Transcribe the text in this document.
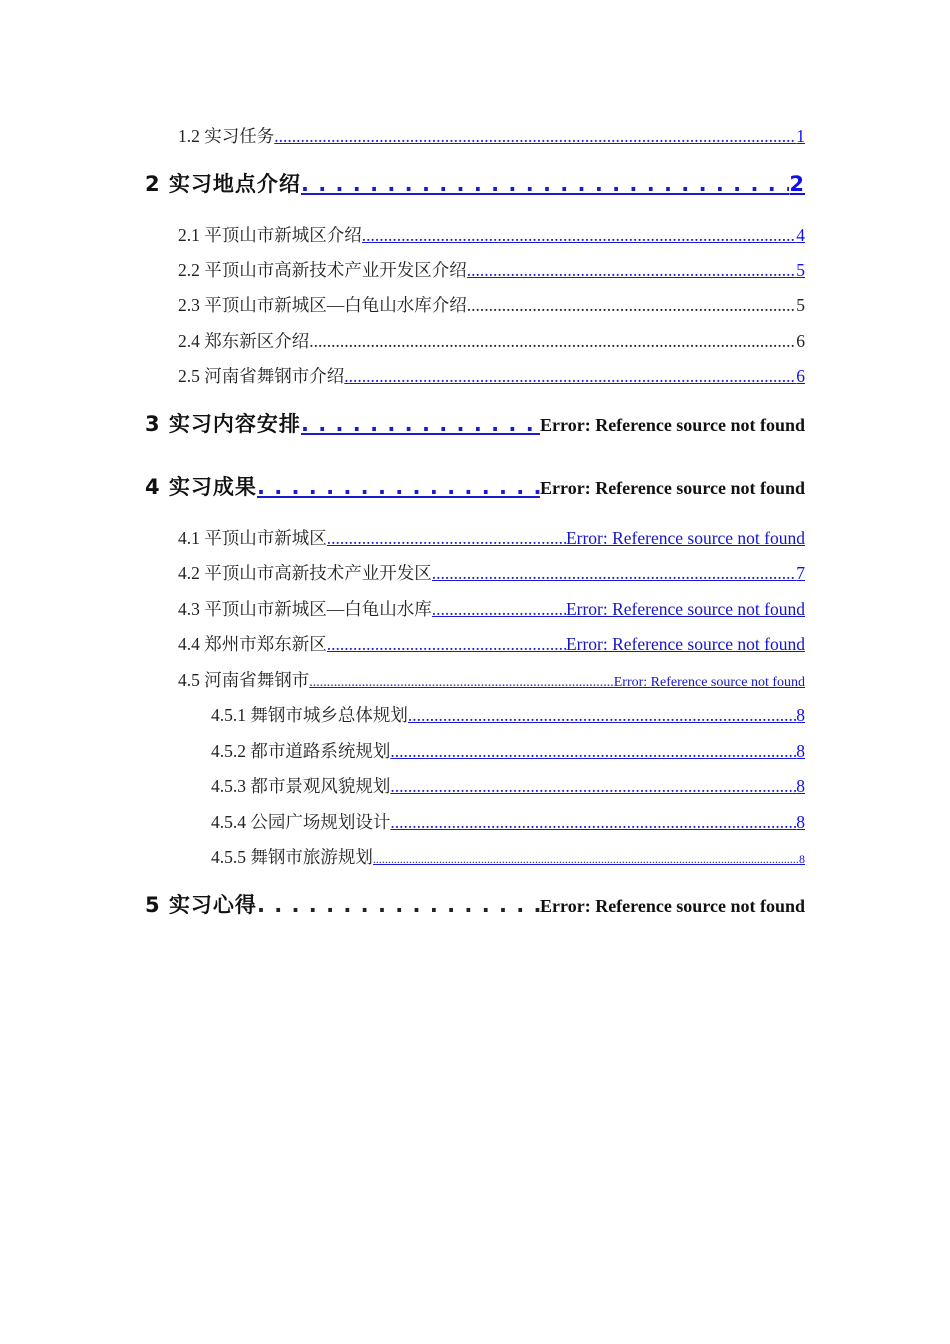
1.2 实习任务 .....	1
2 实习地点介绍 . . .	2
2.1 平顶山市新城区介绍 .....	4
2.2 平顶山市高新技术产业开发区介绍 .....	5
2.3 平顶山市新城区—白龟山水库介绍 .....	5
2.4 郑东新区介绍 .....	6
2.5 河南省舞钢市介绍 .....	6
3 实习内容安排 . . .	Error: Reference source not found
4 实习成果 . . .	Error: Reference source not found
4.1 平顶山市新城区 .....	Error: Reference source not found
4.2 平顶山市高新技术产业开发区 .....	7
4.3 平顶山市新城区—白龟山水库 .....	Error: Reference source not found
4.4 郑州市郑东新区 .....	Error: Reference source not found
4.5 河南省舞钢市 .....	Error: Reference source not found
4.5.1 舞钢市城乡总体规划 .....	8
4.5.2 都市道路系统规划 .....	8
4.5.3 都市景观风貌规划 .....	8
4.5.4 公园广场规划设计 .....	8
4.5.5 舞钢市旅游规划 .....	8
5 实习心得 . . .	Error: Reference source not found
